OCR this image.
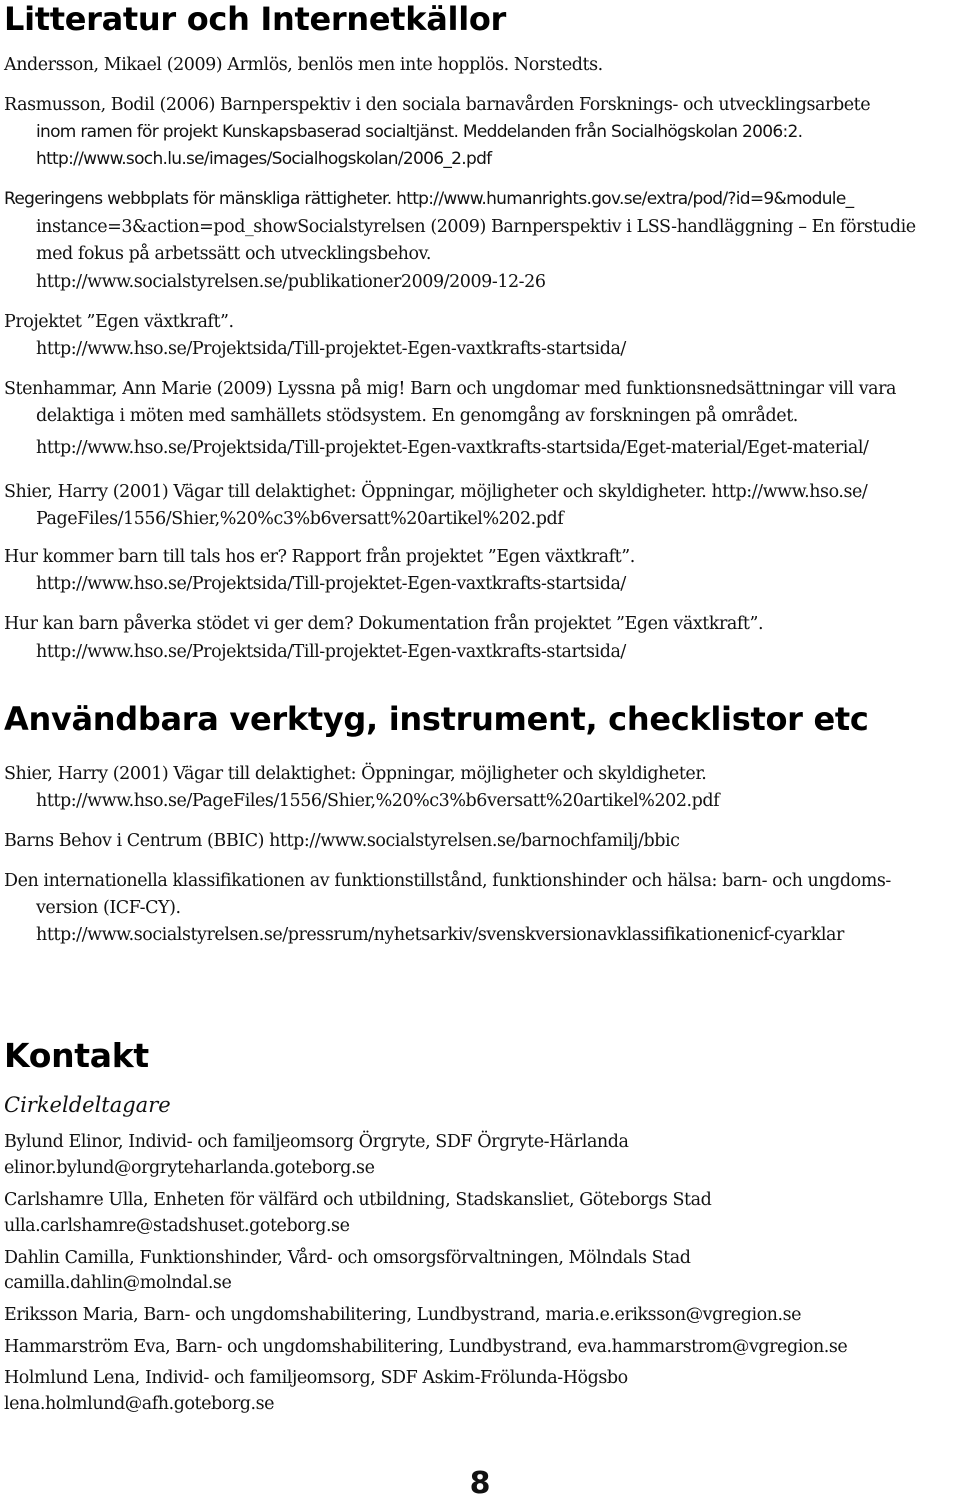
Litteratur och Internetkällor
Andersson, Mikael (2009) Armlös, benlös men inte hopplös. Norstedts.
Rasmusson, Bodil (2006) Barnperspektiv i den sociala barnavården Forsknings- och utvecklingsarbete
inom ramen för projekt Kunskapsbaserad socialtjänst. Meddelanden från Socialhögskolan 2006:2.
http://www.soch.lu.se/images/Socialhogskolan/2006_2.pdf
Regeringens webbplats för mänskliga rättigheter. http://www.humanrights.gov.se/extra/pod/?id=9&module_
instance=3&action=pod_showSocialstyrelsen (2009) Barnperspektiv i LSS-handläggning – En förstudie
med fokus på arbetssätt och utvecklingsbehov.
http://www.socialstyrelsen.se/publikationer2009/2009-12-26
Projektet ”Egen växtkraft”.
http://www.hso.se/Projektsida/Till-projektet-Egen-vaxtkrafts-startsida/
Stenhammar, Ann Marie (2009) Lyssna på mig! Barn och ungdomar med funktionsnedsättningar vill vara
delaktiga i möten med samhällets stödsystem. En genomgång av forskningen på området.
http://www.hso.se/Projektsida/Till-projektet-Egen-vaxtkrafts-startsida/Eget-material/Eget-material/
Shier, Harry (2001) Vägar till delaktighet: Öppningar, möjligheter och skyldigheter. http://www.hso.se/
PageFiles/1556/Shier,%20%c3%b6versatt%20artikel%202.pdf
Hur kommer barn till tals hos er? Rapport från projektet ”Egen växtkraft”.
http://www.hso.se/Projektsida/Till-projektet-Egen-vaxtkrafts-startsida/
Hur kan barn påverka stödet vi ger dem? Dokumentation från projektet ”Egen växtkraft”.
http://www.hso.se/Projektsida/Till-projektet-Egen-vaxtkrafts-startsida/
Användbara verktyg, instrument, checklistor etc
Shier, Harry (2001) Vägar till delaktighet: Öppningar, möjligheter och skyldigheter.
http://www.hso.se/PageFiles/1556/Shier,%20%c3%b6versatt%20artikel%202.pdf
Barns Behov i Centrum (BBIC) http://www.socialstyrelsen.se/barnochfamilj/bbic
Den internationella klassifikationen av funktionstillstånd, funktionshinder och hälsa: barn- och ungdoms-
version (ICF-CY).
http://www.socialstyrelsen.se/pressrum/nyhetsarkiv/svenskversionavklassifikationenicf-cyarklar
Kontakt
Cirkeldeltagare
Bylund Elinor, Individ- och familjeomsorg Örgryte, SDF Örgryte-Härlanda
elinor.bylund@orgryteharlanda.goteborg.se
Carlshamre Ulla, Enheten för välfärd och utbildning, Stadskansliet, Göteborgs Stad
ulla.carlshamre@stadshuset.goteborg.se
Dahlin Camilla, Funktionshinder, Vård- och omsorgsförvaltningen, Mölndals Stad
camilla.dahlin@molndal.se
Eriksson Maria, Barn- och ungdomshabilitering, Lundbystrand, maria.e.eriksson@vgregion.se
Hammarström Eva, Barn- och ungdomshabilitering, Lundbystrand, eva.hammarstrom@vgregion.se
Holmlund Lena, Individ- och familjeomsorg, SDF Askim-Frölunda-Högsbo
lena.holmlund@afh.goteborg.se
8
